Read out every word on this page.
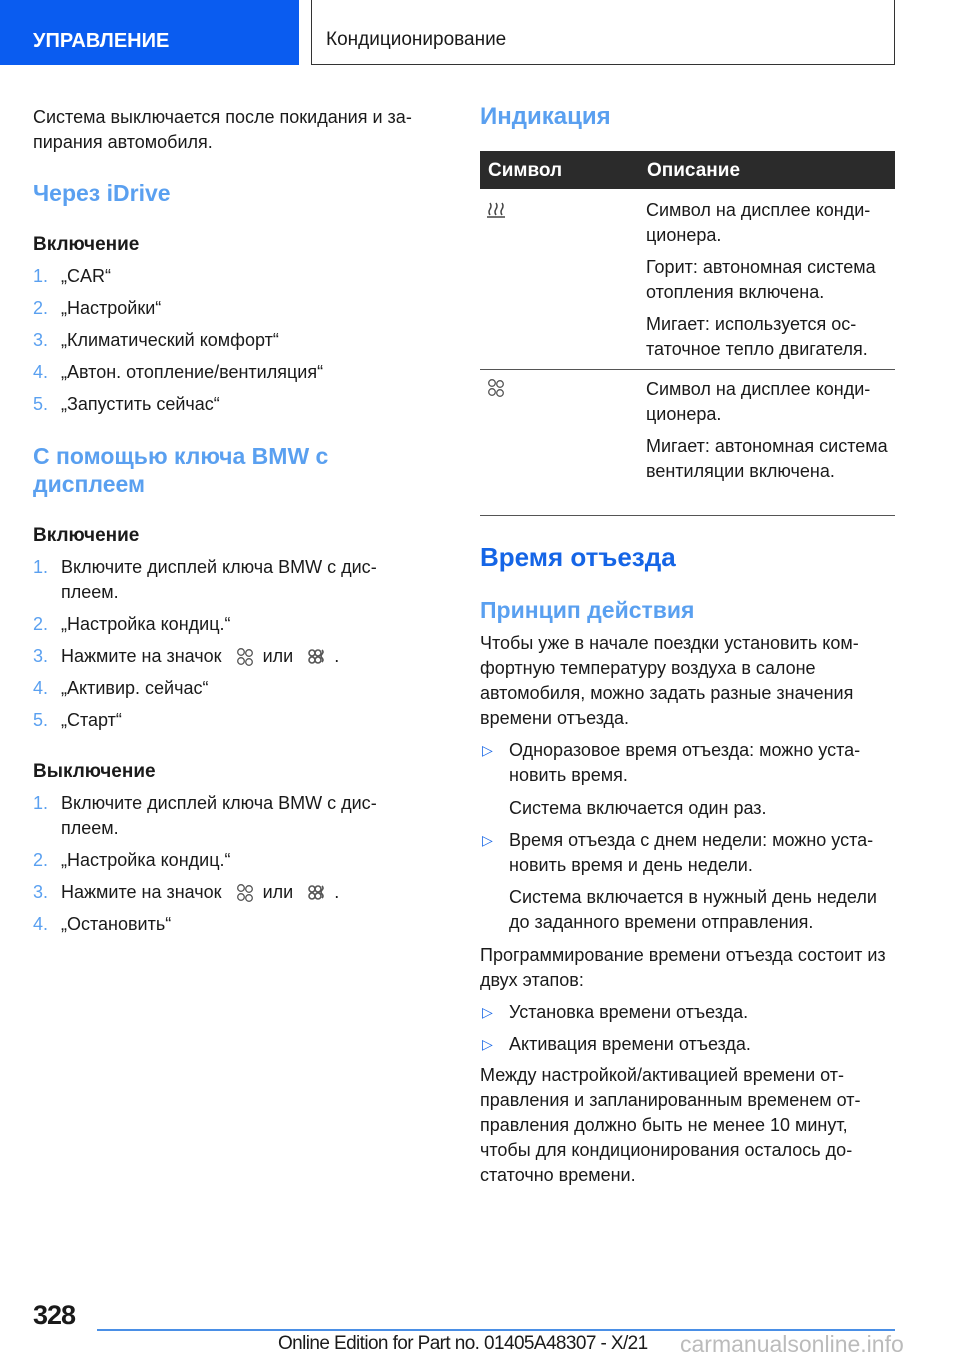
УПРАВЛЕНИЕ	Кондиционирование
Система выключается после покидания и запирания автомобиля.
Через iDrive
Включение
1. „CAR“
2. „Настройки“
3. „Климатический комфорт“
4. „Автон. отопление/вентиляция“
5. „Запустить сейчас“
С помощью ключа BMW с дисплеем
Включение
1. Включите дисплей ключа BMW с дисплеем.
2. „Настройка кондиц.“
3. Нажмите на значок или .
4. „Активир. сейчас“
5. „Старт“
Выключение
1. Включите дисплей ключа BMW с дисплеем.
2. „Настройка кондиц.“
3. Нажмите на значок или .
4. „Остановить“
Индикация
Символ	Описание
Символ на дисплее кондиционера.
Горит: автономная система отопления включена.
Мигает: используется остаточное тепло двигателя.
Символ на дисплее кондиционера.
Мигает: автономная система вентиляции включена.
Время отъезда
Принцип действия
Чтобы уже в начале поездки установить комфортную температуру воздуха в салоне автомобиля, можно задать разные значения времени отъезда.
▷ Одноразовое время отъезда: можно установить время.
Система включается один раз.
▷ Время отъезда с днем недели: можно установить время и день недели.
Система включается в нужный день недели до заданного времени отправления.
Программирование времени отъезда состоит из двух этапов:
▷ Установка времени отъезда.
▷ Активация времени отъезда.
Между настройкой/активацией времени отправления и запланированным временем отправления должно быть не менее 10 минут, чтобы для кондиционирования осталось достаточно времени.
328
Online Edition for Part no. 01405A48307 - X/21 carmanualsonline.info
